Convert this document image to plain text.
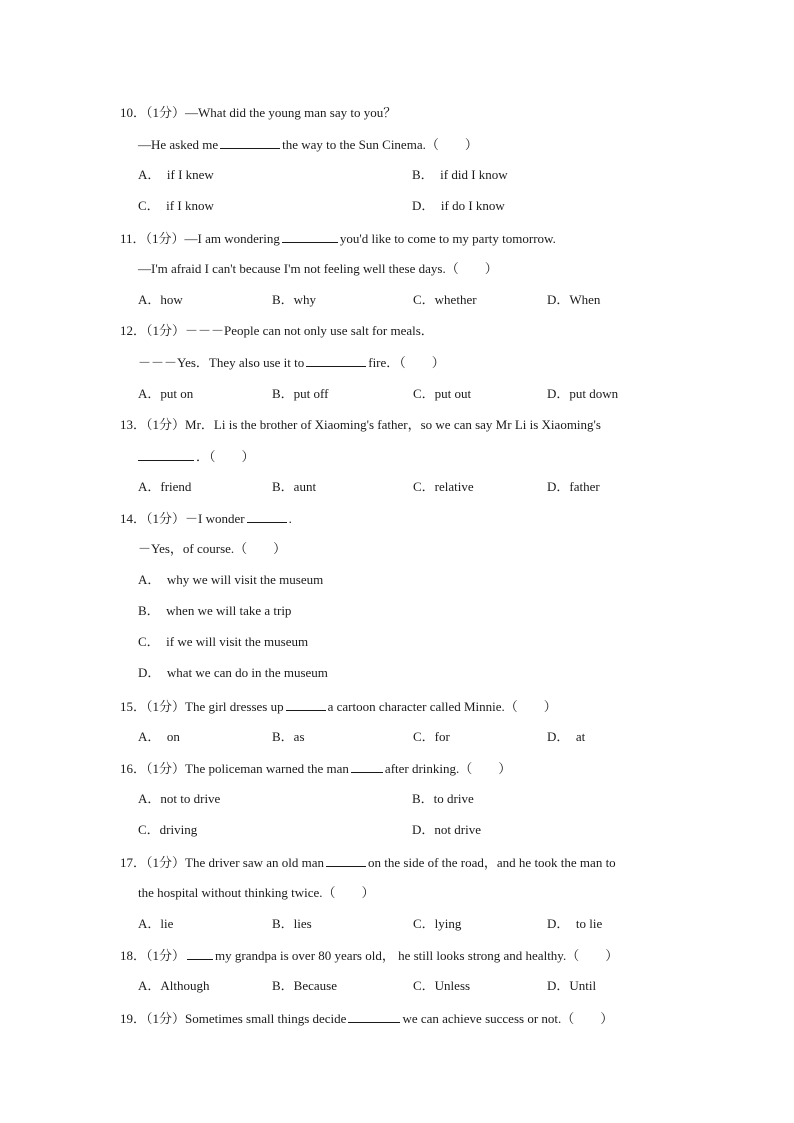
10．（1分）—What did the young man say to you？
—He asked me	the way to the Sun Cinema.（　　）
A． if I knew	B． if did I know
C． if I know	D． if do I know
11．（1分）—I am wondering	you'd like to come to my party tomorrow.
—I'm afraid I can't because I'm not feeling well these days.（　　）
A．how	B．why	C．whether	D．When
12．（1分）－－－People can not only use salt for meals．
－－－Yes．They also use it to	fire．（　　）
A．put on	B．put off	C．put out	D．put down
13．（1分）Mr．Li is the brother of Xiaoming's father，so we can say Mr Li is Xiaoming's
．（　　）
A．friend	B．aunt	C．relative	D．father
14．（1分）－I wonder	.
－Yes，of course.（　　）
A． why we will visit the museum
B． when we will take a trip
C． if we will visit the museum
D． what we can do in the museum
15．（1分）The girl dresses up	a cartoon character called Minnie.（　　）
A． on	B．as	C．for	D． at
16．（1分）The policeman warned the man	after drinking.（　　）
A．not to drive	B．to drive
C．driving	D．not drive
17．（1分）The driver saw an old man	on the side of the road，and he took the man to
the hospital without thinking twice.（　　）
A．lie	B．lies	C．lying	D． to lie
18．（1分） my grandpa is over 80 years old， he still looks strong and healthy.（　　）
A．Although	B．Because	C．Unless	D．Until
19．（1分）Sometimes small things decide	we can achieve success or not.（　　）
